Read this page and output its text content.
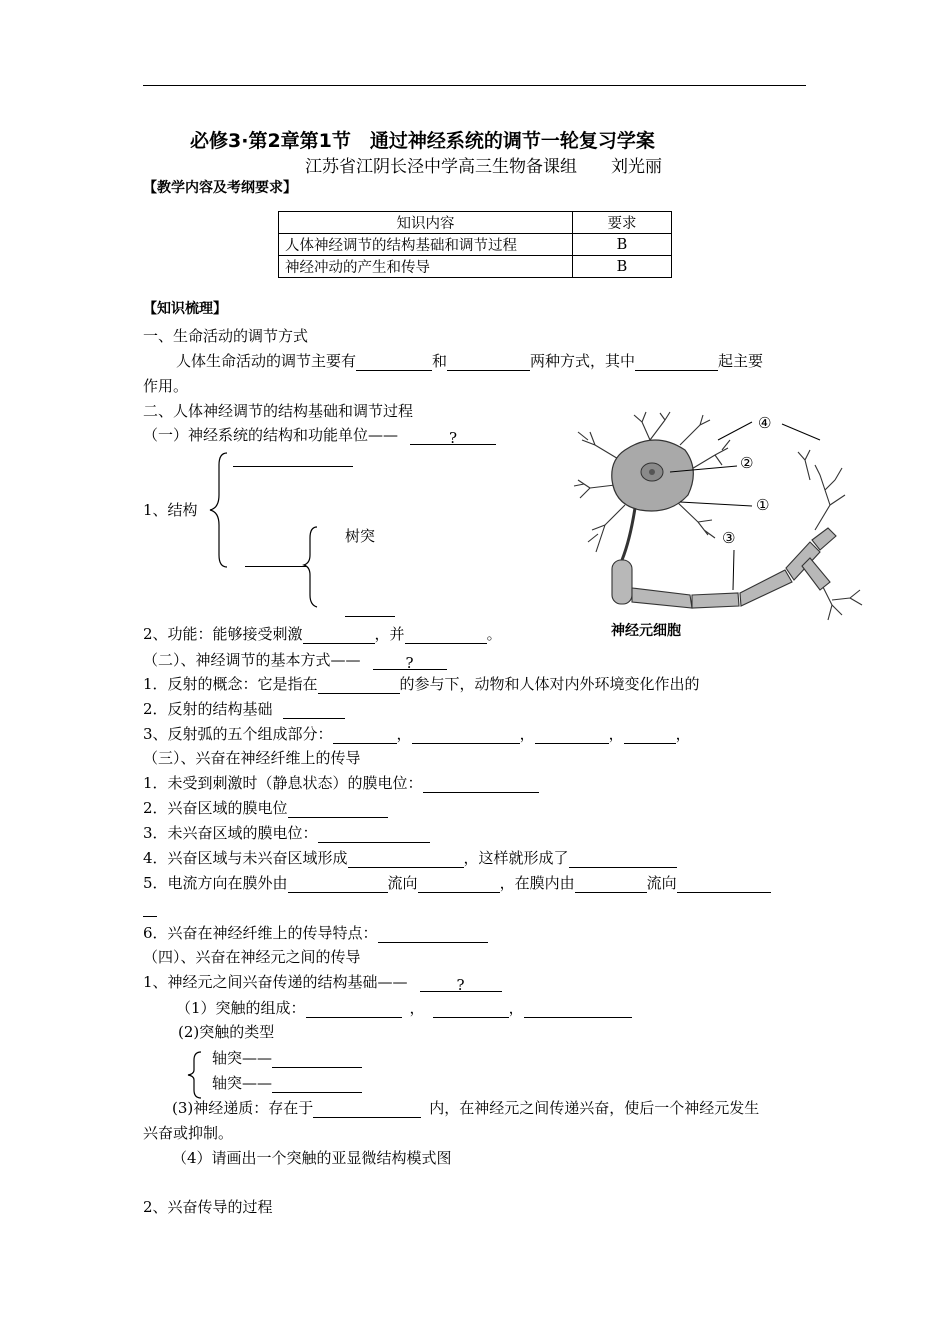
必修3·第2章第1节　通过神经系统的调节一轮复习学案
江苏省江阴长泾中学高三生物备课组　　刘光丽
【教学内容及考纲要求】
知识内容	要求
人体神经调节的结构基础和调节过程	B
神经冲动的产生和传导	B
【知识梳理】
一、生命活动的调节方式
人体生命活动的调节主要有	和	两种方式，其中	起主要
作用。
二、人体神经调节的结构基础和调节过程
（一）神经系统的结构和功能单位——	?
1、结构
树突
2、功能：能够接受刺激	，并	。
（二）、神经调节的基本方式——	?
1．反射的概念：它是指在	的参与下，动物和人体对内外环境变化作出的
2．反射的结构基础
3、反射弧的五个组成部分：	，	，	，	，
（三）、兴奋在神经纤维上的传导
1．未受到刺激时（静息状态）的膜电位：
2．兴奋区域的膜电位
3．未兴奋区域的膜电位：
4．兴奋区域与未兴奋区域形成	，这样就形成了
5．电流方向在膜外由	流向	，在膜内由	流向
6．兴奋在神经纤维上的传导特点：
（四）、兴奋在神经元之间的传导
1、神经元之间兴奋传递的结构基础——	?
（1）突触的组成：	，	，
(2)突触的类型
轴突——
轴突——
(3)神经递质：存在于	内，在神经元之间传递兴奋，使后一个神经元发生
兴奋或抑制。
（4）请画出一个突触的亚显微结构模式图
2、兴奋传导的过程
④
②
①
③
神经元细胞
